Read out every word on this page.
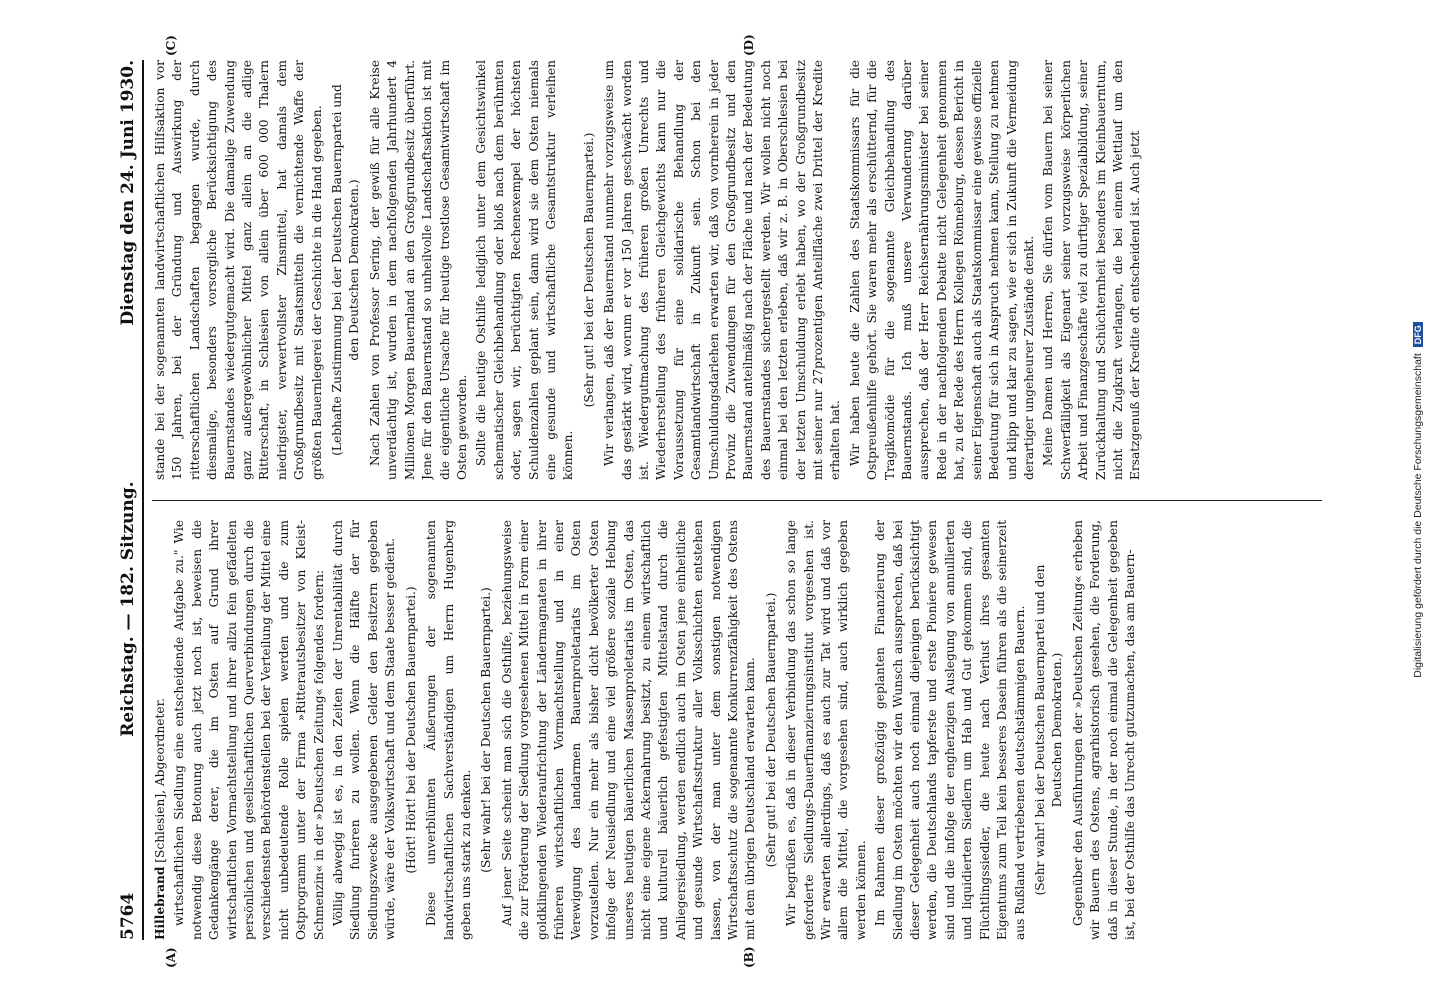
5764
Reichstag. — 182. Sitzung.
Dienstag den 24. Juni 1930.

Hillebrand [Schlesien], Abgeordneter. wirtschaftlichen Siedlung eine entscheidende Aufgabe zu." Wie notwendig diese Betonung auch jetzt noch ist, beweisen die Gedankengänge derer, die im Osten auf Grund ihrer wirtschaftlichen Vormachtstellung und ihrer allzu fein gefädelten persönlichen und gesellschaftlichen Querverbindungen durch die verschiedensten Behördenstellen bei der Verteilung der Mittel eine nicht unbedeutende Rolle spielen werden und die zum Ostprogramm unter der Firma »Ritterautsbesitzer von Kleist-Schmenzin« in der »Deutschen Zeitung« folgendes fordern: Völlig abwegig ist es, in den Zeiten der Unrentabilität durch Siedlung furieren zu wollen. Wenn die Hälfte der für Siedlungszwecke ausgegebenen Gelder den Besitzern gegeben würde, wäre der Volkswirtschaft und dem Staate besser gedient. (Hört! Hört! bei der Deutschen Bauernpartei.) Diese unverblümten Äußerungen der sogenannten landwirtschaftlichen Sachverständigen um Herrn Hugenberg geben uns stark zu denken. (Sehr wahr! bei der Deutschen Bauernpartei.) Auf jener Seite scheint man sich die Osthilfe, beziehungsweise die zur Förderung der Siedlung vorgesehenen Mittel in Form einer goldklingenden Wiederaufrichtung der Ländermagnaten in ihrer früheren wirtschaftlichen Vormachtstellung und in einer Verewigung des landarmen Bauernproletariats im Osten vorzustellen. Nur ein mehr als bisher dicht bevölkerter Osten infolge der Neusiedlung und eine viel größere soziale Hebung unseres heutigen bäuerlichen Massenproletariats im Osten, das nicht eine eigene Ackernahrung besitzt, zu einem wirtschaftlich und kulturell bäuerlich gefestigten Mittelstand durch die Anliegersiedlung, werden endlich auch im Osten jene einheitliche und gesunde Wirtschaftsstruktur aller Volksschichten entstehen lassen, von der man unter dem sonstigen notwendigen Wirtschaftsschutz die sogenannte Konkurrenzfähigkeit des Ostens mit dem übrigen Deutschland erwarten kann. (Sehr gut! bei der Deutschen Bauernpartei.) Wir begrüßen es, daß in dieser Verbindung das schon so lange geforderte Siedlungs-Dauerfinanzierungsinstitut vorgesehen ist. Wir erwarten allerdings, daß es auch zur Tat wird und daß vor allem die Mittel, die vorgesehen sind, auch wirklich gegeben werden können. Im Rahmen dieser großzügig geplanten Finanzierung der Siedlung im Osten möchten wir den Wunsch aussprechen, daß bei dieser Gelegenheit auch noch einmal diejenigen berücksichtigt werden, die Deutschlands tapferste und erste Pioniere gewesen sind und die infolge der engherzigen Auslegung von annullierten und liquidierten Siedlern um Hab und Gut gekommen sind, die Flüchtlingssiedler, die heute nach Verlust ihres gesamten Eigentums zum Teil kein besseres Dasein führen als die seinerzeit aus Rußland vertriebenen deutschstämmigen Bauern. (Sehr wahr! bei der Deutschen Bauernpartei und den Deutschen Demokraten.) Gegenüber den Ausführungen der »Deutschen Zeitung« erheben wir Bauern des Ostens, agrarhistorisch gesehen, die Forderung, daß in dieser Stunde, in der noch einmal die Gelegenheit gegeben ist, bei der Osthilfe das Unrecht gutzumachen, das am Bauern-

stande bei der sogenannten landwirtschaftlichen Hilfsaktion vor 150 Jahren, bei der Gründung und Auswirkung der ritterschaftlichen Landschaften begangen wurde, durch diesmalige, besonders vorsorgliche Berücksichtigung des Bauernstandes wiedergutgemacht wird. Die damalige Zuwendung ganz außergewöhnlicher Mittel ganz allein an die adlige Ritterschaft, in Schlesien von allein über 600 000 Thalern niedrigster, verwertvollster Zinsmittel, hat damals dem Großgrundbesitz mit Staatsmitteln die vernichtende Waffe der größten Bauernlegerei der Geschichte in die Hand gegeben. (Lebhafte Zustimmung bei der Deutschen Bauernpartei und den Deutschen Demokraten.) Nach Zahlen von Professor Sering, der gewiß für alle Kreise unverdächtig ist, wurden in dem nachfolgenden Jahrhundert 4 Millionen Morgen Bauernland an den Großgrundbesitz überführt. Jene für den Bauernstand so unheilvolle Landschaftsaktion ist mit die eigentliche Ursache für heutige trostlose Gesamtwirtschaft im Osten geworden. Sollte die heutige Osthilfe lediglich unter dem Gesichtswinkel schematischer Gleichbehandlung oder bloß nach dem berühmten oder, sagen wir, berüchtigten Rechenexempel der höchsten Schuldenzahlen geplant sein, dann wird sie dem Osten niemals eine gesunde und wirtschaftliche Gesamtstruktur verleihen können.

(Sehr gut! bei der Deutschen Bauernpartei.) Wir verlangen, daß der Bauernstand nunmehr vorzugsweise um das gestärkt wird, worum er vor 150 Jahren geschwächt worden ist. Wiedergutmachung des früheren großen Unrechts und Wiederherstellung des früheren Gleichgewichts kann nur die Voraussetzung für eine solidarische Behandlung der Gesamtlandwirtschaft in Zukunft sein. Schon bei den Umschuldungsdarlehen erwarten wir, daß von vornherein in jeder Provinz die Zuwendungen für den Großgrundbesitz und den Bauernstand anteilmäßig nach der Fläche und nach der Bedeutung des Bauernstandes sichergestellt werden. Wir wollen nicht noch einmal bei den letzten erleben, daß wir z. B. in Oberschlesien bei der letzten Umschuldung erlebt haben, wo der Großgrundbesitz mit seiner nur 27prozentigen Anteilfläche zwei Drittel der Kredite erhalten hat. Wir haben heute die Zahlen des Staatskommissars für die Ostpreußenhilfe gehört. Sie waren mehr als erschütternd, für die Tragikomödie für die sogenannte Gleichbehandlung des Bauernstands. Ich muß unsere Verwunderung darüber aussprechen, daß der Herr Reichsernährungsminister bei seiner Rede in der nachfolgenden Debatte nicht Gelegenheit genommen hat, zu der Rede des Herrn Kollegen Rönneburg, dessen Bericht in seiner Eigenschaft auch als Staatskommissar eine gewisse offizielle Bedeutung für sich in Anspruch nehmen kann, Stellung zu nehmen und klipp und klar zu sagen, wie er sich in Zukunft die Vermeidung derartiger ungeheurer Zustände denkt. Meine Damen und Herren, Sie dürfen vom Bauern bei seiner Schwerfälligkeit als Eigenart seiner vorzugsweise körperlichen Arbeit und Finanzgeschäfte viel zu dürftiger Spezialbildung, seiner Zurückhaltung und Schüchternheit besonders im Kleinbauerntum, nicht die Zugkraft verlangen, die bei einem Wettlauf um den Ersatzgenuß der Kredite oft entscheidend ist. Auch jetzt

(A)	(B)
(C)	(D)
Digitalisierung gefördert durch die Deutsche Forschungsgemeinschaft
DFG
